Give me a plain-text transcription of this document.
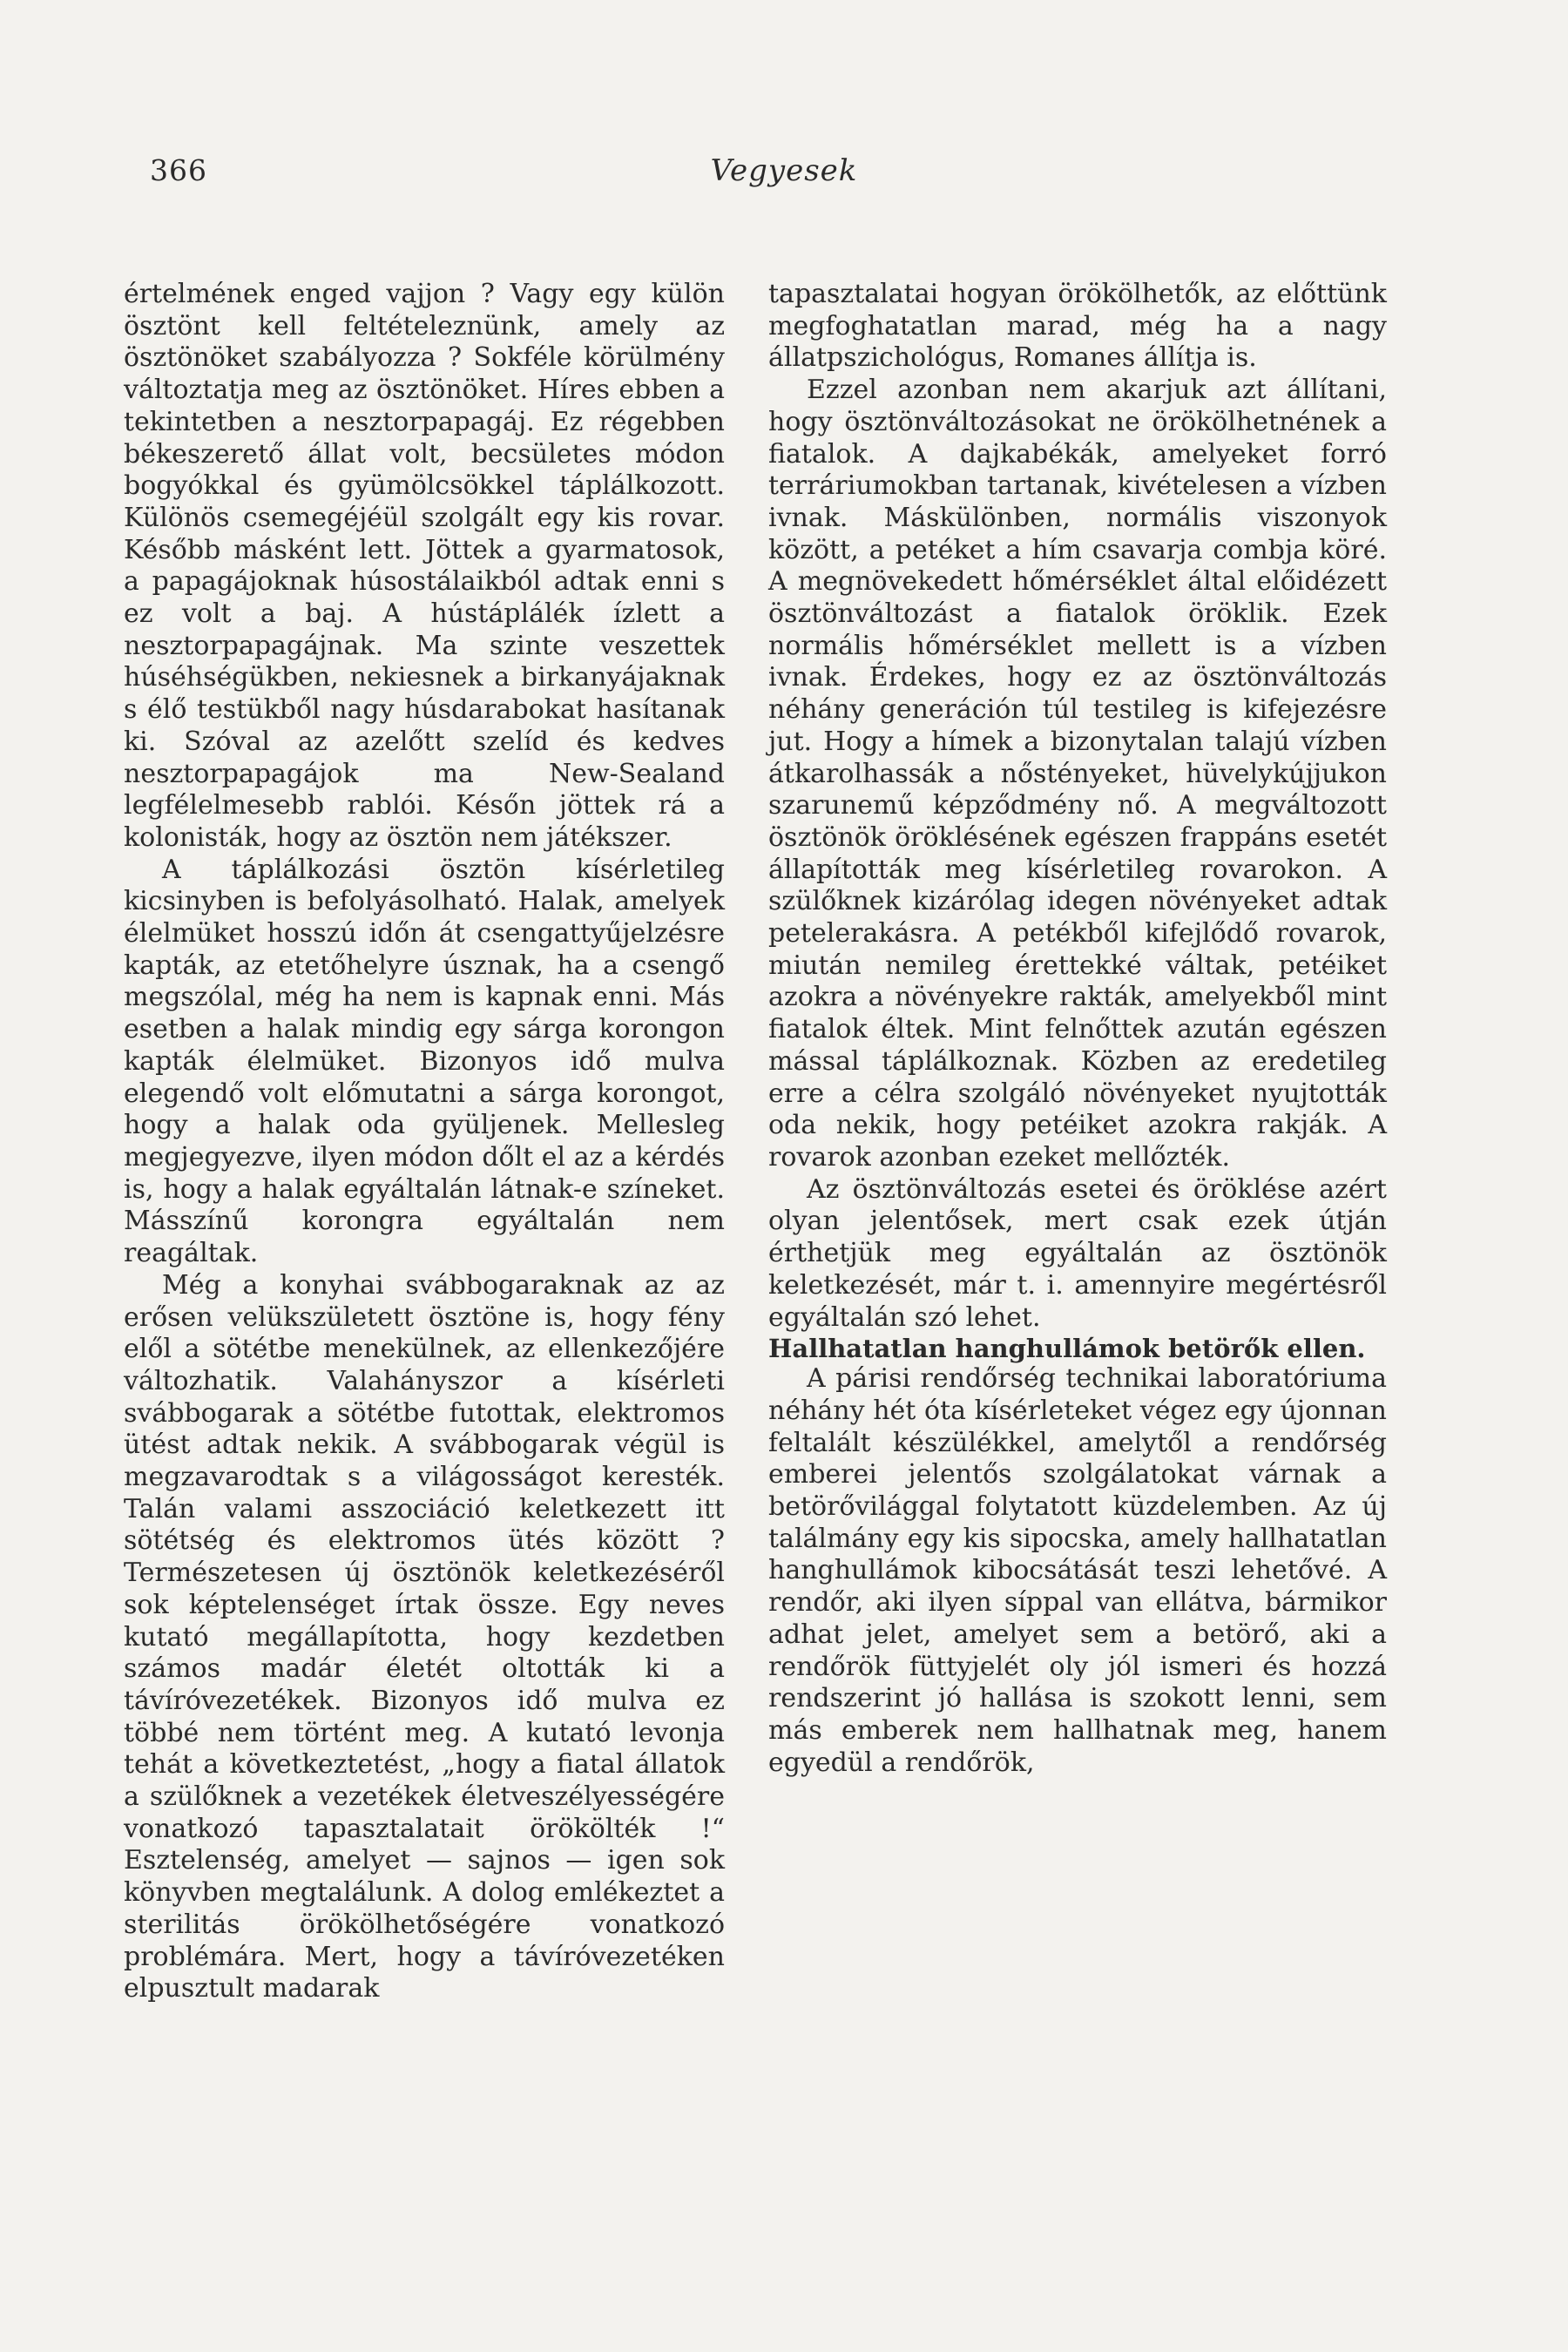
366	Vegyesek

értelmének enged vajjon ? Vagy egy külön ösztönt kell feltételeznünk, amely az ösztönöket szabályozza ? Sokféle körülmény változtatja meg az ösztönöket. Híres ebben a tekintetben a nesztorpapagáj. Ez régebben békeszerető állat volt, becsületes módon bogyókkal és gyümölcsökkel táplálkozott. Különös csemegéjéül szolgált egy kis rovar. Később másként lett. Jöttek a gyarmatosok, a papagájoknak húsostálaikból adtak enni s ez volt a baj. A hústáplálék ízlett a nesztorpapagájnak. Ma szinte veszettek húséhségükben, nekiesnek a birkanyájaknak s élő testükből nagy húsdarabokat hasítanak ki. Szóval az azelőtt szelíd és kedves nesztorpapagájok ma New-Sealand legfélelmesebb rablói. Későn jöttek rá a kolonisták, hogy az ösztön nem játékszer.

A táplálkozási ösztön kísérletileg kicsinyben is befolyásolható. Halak, amelyek élelmüket hosszú időn át csengattyűjelzésre kapták, az etetőhelyre úsznak, ha a csengő megszólal, még ha nem is kapnak enni. Más esetben a halak mindig egy sárga korongon kapták élelmüket. Bizonyos idő mulva elegendő volt előmutatni a sárga korongot, hogy a halak oda gyüljenek. Mellesleg megjegyezve, ilyen módon dőlt el az a kérdés is, hogy a halak egyáltalán látnak-e színeket. Másszínű korongra egyáltalán nem reagáltak.

Még a konyhai svábbogaraknak az az erősen velükszületett ösztöne is, hogy fény elől a sötétbe menekülnek, az ellenkezőjére változhatik. Valahányszor a kísérleti svábbogarak a sötétbe futottak, elektromos ütést adtak nekik. A svábbogarak végül is megzavarodtak s a világosságot keresték. Talán valami asszociáció keletkezett itt sötétség és elektromos ütés között ? Természetesen új ösztönök keletkezéséről sok képtelenséget írtak össze. Egy neves kutató megállapította, hogy kezdetben számos madár életét oltották ki a távíróvezetékek. Bizonyos idő mulva ez többé nem történt meg. A kutató levonja tehát a következtetést, „hogy a fiatal állatok a szülőknek a vezetékek életveszélyességére vonatkozó tapasztalatait örökölték !“ Esztelenség, amelyet — sajnos — igen sok könyvben megtalálunk. A dolog emlékeztet a sterilitás örökölhetőségére vonatkozó problémára. Mert, hogy a távíróvezetéken elpusztult madarak

tapasztalatai hogyan örökölhetők, az előttünk megfoghatatlan marad, még ha a nagy állatpszichológus, Romanes állítja is.

Ezzel azonban nem akarjuk azt állítani, hogy ösztönváltozásokat ne örökölhetnének a fiatalok. A dajkabékák, amelyeket forró terráriumokban tartanak, kivételesen a vízben ivnak. Máskülönben, normális viszonyok között, a petéket a hím csavarja combja köré. A megnövekedett hőmérséklet által előidézett ösztönváltozást a fiatalok öröklik. Ezek normális hőmérséklet mellett is a vízben ivnak. Érdekes, hogy ez az ösztönváltozás néhány generáción túl testileg is kifejezésre jut. Hogy a hímek a bizonytalan talajú vízben átkarolhassák a nőstényeket, hüvelykújjukon szarunemű képződmény nő. A megváltozott ösztönök öröklésének egészen frappáns esetét állapították meg kísérletileg rovarokon. A szülőknek kizárólag idegen növényeket adtak petelerakásra. A petékből kifejlődő rovarok, miután nemileg érettekké váltak, petéiket azokra a növényekre rakták, amelyekből mint fiatalok éltek. Mint felnőttek azután egészen mással táplálkoznak. Közben az eredetileg erre a célra szolgáló növényeket nyujtották oda nekik, hogy petéiket azokra rakják. A rovarok azonban ezeket mellőzték.

Az ösztönváltozás esetei és öröklése azért olyan jelentősek, mert csak ezek útján érthetjük meg egyáltalán az ösztönök keletkezését, már t. i. amennyire megértésről egyáltalán szó lehet.

Hallhatatlan hanghullámok betörők ellen.

A párisi rendőrség technikai laboratóriuma néhány hét óta kísérleteket végez egy újonnan feltalált készülékkel, amelytől a rendőrség emberei jelentős szolgálatokat várnak a betörővilággal folytatott küzdelemben. Az új találmány egy kis sipocska, amely hallhatatlan hanghullámok kibocsátását teszi lehetővé. A rendőr, aki ilyen síppal van ellátva, bármikor adhat jelet, amelyet sem a betörő, aki a rendőrök füttyjelét oly jól ismeri és hozzá rendszerint jó hallása is szokott lenni, sem más emberek nem hallhatnak meg, hanem egyedül a rendőrök,
